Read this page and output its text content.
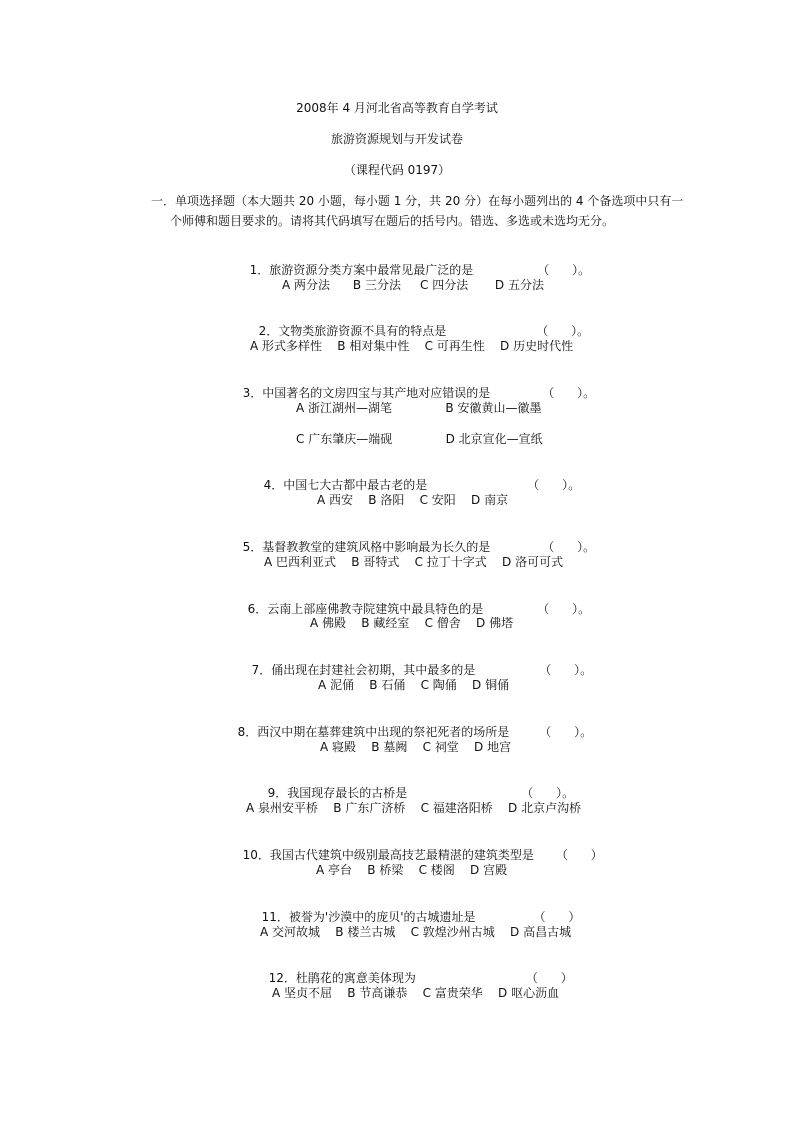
2008年 4 月河北省高等教育自学考试
旅游资源规划与开发试卷
（课程代码 0197）
一．单项选择题（本大题共 20 小题，每小题 1 分，共 20 分）在每小题列出的 4 个备选项中只有一
个师傅和题目要求的。请将其代码填写在题后的括号内。错选、多选或未选均无分。

1．旅游资源分类方案中最常见最广泛的是	（      ）。

A 两分法      B 三分法     C 四分法       D 五分法

2．文物类旅游资源不具有的特点是	（      ）。

A 形式多样性    B 相对集中性    C 可再生性    D 历史时代性

3．中国著名的文房四宝与其产地对应错误的是	（      ）。

A 浙江湖州—湖笔              B 安徽黄山—徽墨
C 广东肇庆—端砚              D 北京宣化—宣纸

4．中国七大古都中最古老的是	（      ）。

A 西安    B 洛阳    C 安阳    D 南京

5．基督教教堂的建筑风格中影响最为长久的是	（      ）。

A 巴西利亚式    B 哥特式    C 拉丁十字式    D 洛可可式

6．云南上部座佛教寺院建筑中最具特色的是	（      ）。

A 佛殿    B 藏经室    C 僧舍    D 佛塔

7．俑出现在封建社会初期，其中最多的是	（      ）。

A 泥俑    B 石俑    C 陶俑    D 铜俑

8．西汉中期在墓葬建筑中出现的祭祀死者的场所是	（      ）。

A 寝殿    B 墓阙    C 祠堂    D 地宫

9．我国现存最长的古桥是	（      ）。

A 泉州安平桥    B 广东广济桥    C 福建洛阳桥    D 北京卢沟桥

10．我国古代建筑中级别最高技艺最精湛的建筑类型是 （      ）

A 亭台    B 桥梁    C 楼阁    D 宫殿

11．被誉为'沙漠中的庞贝'的古城遗址是	（      ）

A 交河故城    B 楼兰古城    C 敦煌沙州古城    D 高昌古城

12．杜鹃花的寓意美体现为	（      ）

A 坚贞不屈    B 节高谦恭    C 富贵荣华    D 呕心沥血
